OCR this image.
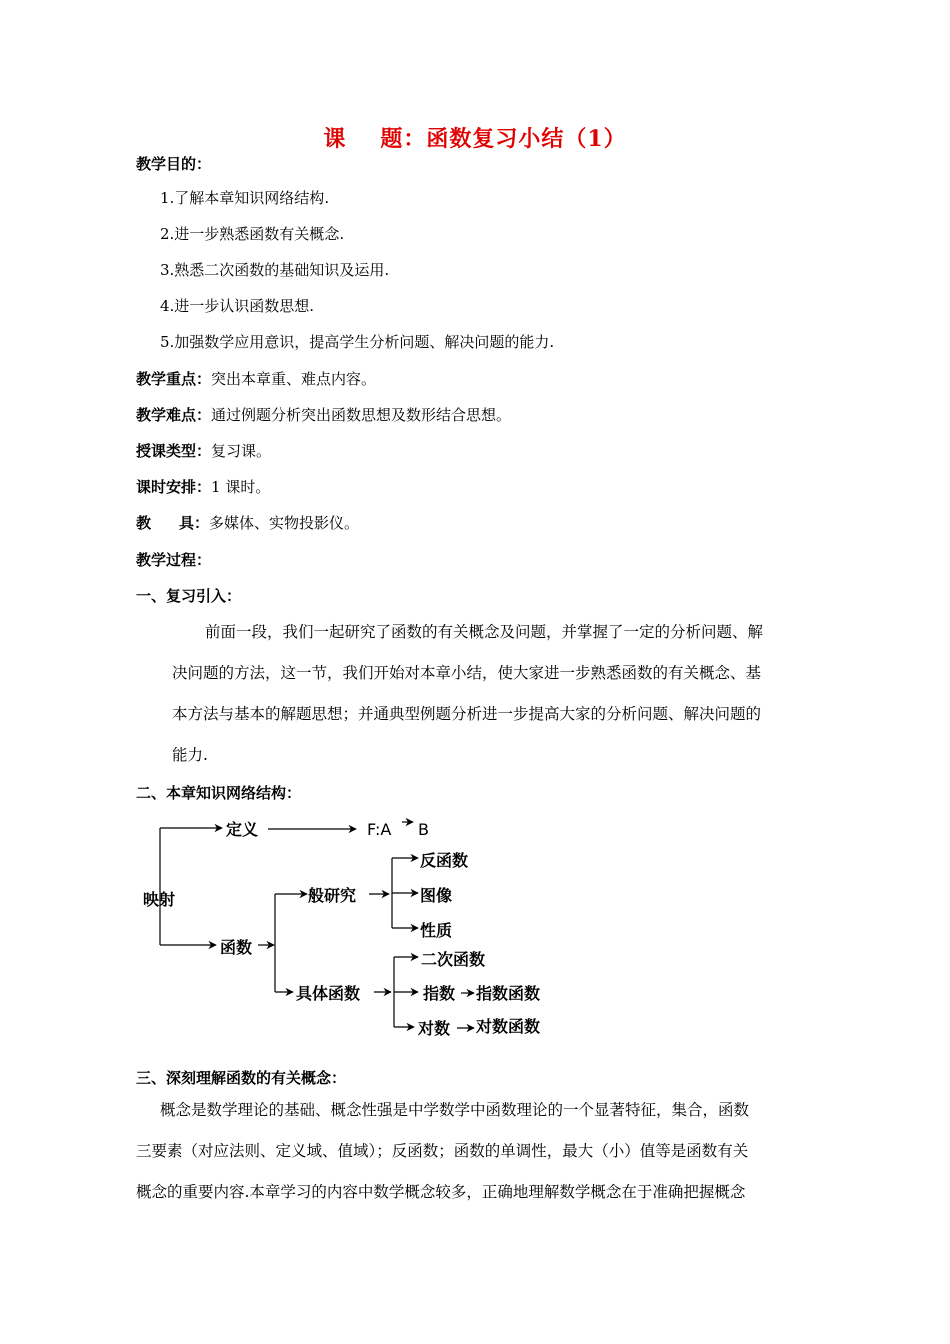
课 题：函数复习小结（1）
教学目的：
1.了解本章知识网络结构.
2.进一步熟悉函数有关概念.
3.熟悉二次函数的基础知识及运用.
4.进一步认识函数思想.
5.加强数学应用意识，提高学生分析问题、解决问题的能力.
教学重点：突出本章重、难点内容。
教学难点：通过例题分析突出函数思想及数形结合思想。
授课类型：复习课。
课时安排：1 课时。
教 具：多媒体、实物投影仪。
教学过程：
一、复习引入：
前面一段，我们一起研究了函数的有关概念及问题，并掌握了一定的分析问题、解
决问题的方法，这一节，我们开始对本章小结，使大家进一步熟悉函数的有关概念、基
本方法与基本的解题思想；并通典型例题分析进一步提高大家的分析问题、解决问题的
能力.
二、本章知识网络结构：
映射
定义	F:A B
函数
般研究
反函数
图像
性质
具体函数
二次函数
指数 指数函数
对数 对数函数
三、深刻理解函数的有关概念：
概念是数学理论的基础、概念性强是中学数学中函数理论的一个显著特征，集合，函数
三要素（对应法则、定义域、值域）；反函数；函数的单调性，最大（小）值等是函数有关
概念的重要内容.本章学习的内容中数学概念较多，正确地理解数学概念在于准确把握概念
